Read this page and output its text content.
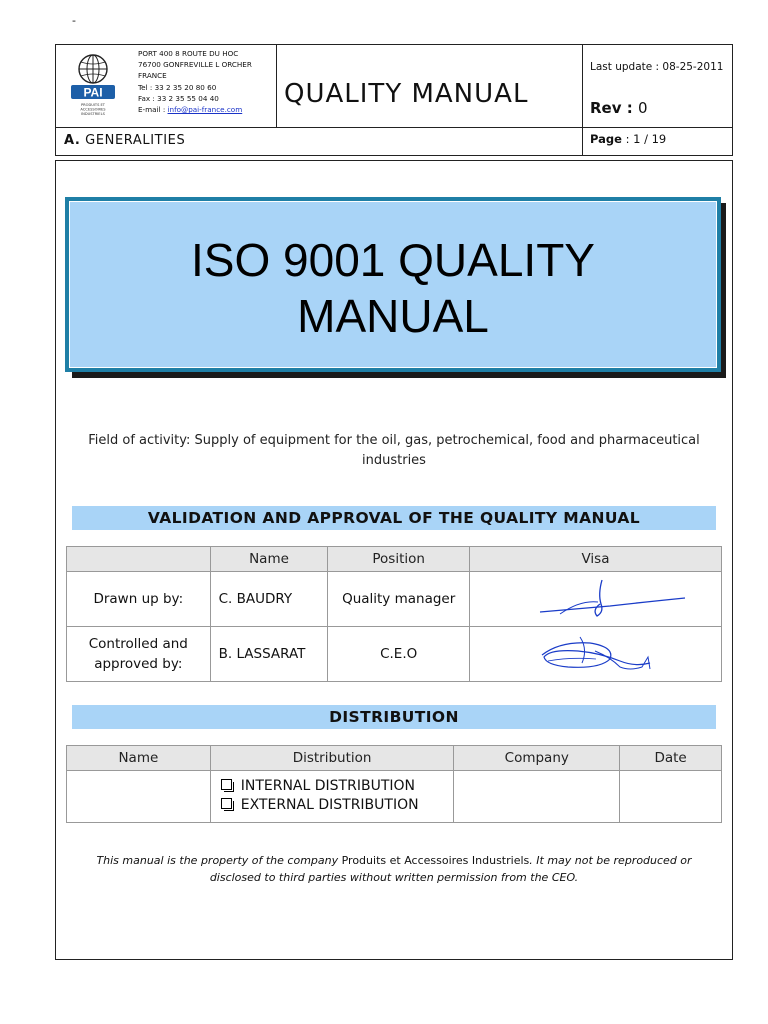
-
PAI
PRODUITS ET
ACCESSOIRES
INDUSTRIELS
PORT 400 8 ROUTE DU HOC
76700 GONFREVILLE L ORCHER
FRANCE
Tel : 33 2 35 20 80 60
Fax : 33 2 35 55 04 40
E-mail : info@pai-france.com
QUALITY MANUAL
Last update : 08-25-2011
Rev : 0
A. GENERALITIES	Page : 1 / 19
ISO 9001 QUALITY
MANUAL
Field of activity: Supply of equipment for the oil, gas, petrochemical, food and pharmaceutical
industries
VALIDATION AND APPROVAL OF THE QUALITY MANUAL
	Name	Position	Visa
Drawn up by:	C. BAUDRY	Quality manager	

Controlled and
approved by:	B. LASSARAT	C.E.O	
DISTRIBUTION
Name	Distribution	Company	Date

	INTERNAL DISTRIBUTION
EXTERNAL DISTRIBUTION		

This manual is the property of the company Produits et Accessoires Industriels. It may not be reproduced or
disclosed to third parties without written permission from the CEO.
